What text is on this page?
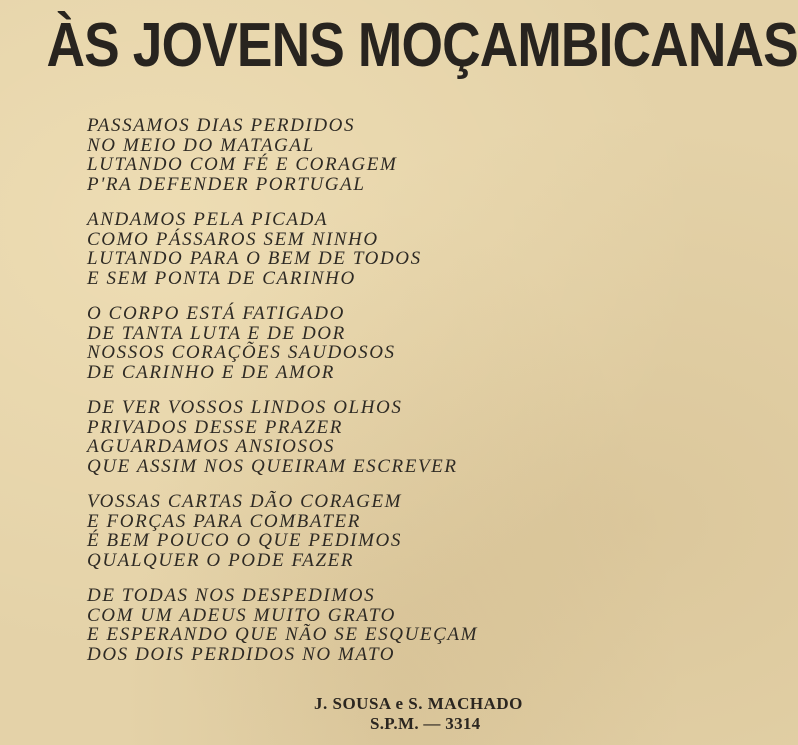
ÀS JOVENS MOÇAMBICANAS
PASSAMOS DIAS PERDIDOS
NO MEIO DO MATAGAL
LUTANDO COM FÉ E CORAGEM
P'RA DEFENDER PORTUGAL
ANDAMOS PELA PICADA
COMO PÁSSAROS SEM NINHO
LUTANDO PARA O BEM DE TODOS
E SEM PONTA DE CARINHO
O CORPO ESTÁ FATIGADO
DE TANTA LUTA E DE DOR
NOSSOS CORAÇÕES SAUDOSOS
DE CARINHO E DE AMOR
DE VER VOSSOS LINDOS OLHOS
PRIVADOS DESSE PRAZER
AGUARDAMOS ANSIOSOS
QUE ASSIM NOS QUEIRAM ESCREVER
VOSSAS CARTAS DÃO CORAGEM
E FORÇAS PARA COMBATER
É BEM POUCO O QUE PEDIMOS
QUALQUER O PODE FAZER
DE TODAS NOS DESPEDIMOS
COM UM ADEUS MUITO GRATO
E ESPERANDO QUE NÃO SE ESQUEÇAM
DOS DOIS PERDIDOS NO MATO
J. SOUSA e S. MACHADO
S.P.M. — 3314
